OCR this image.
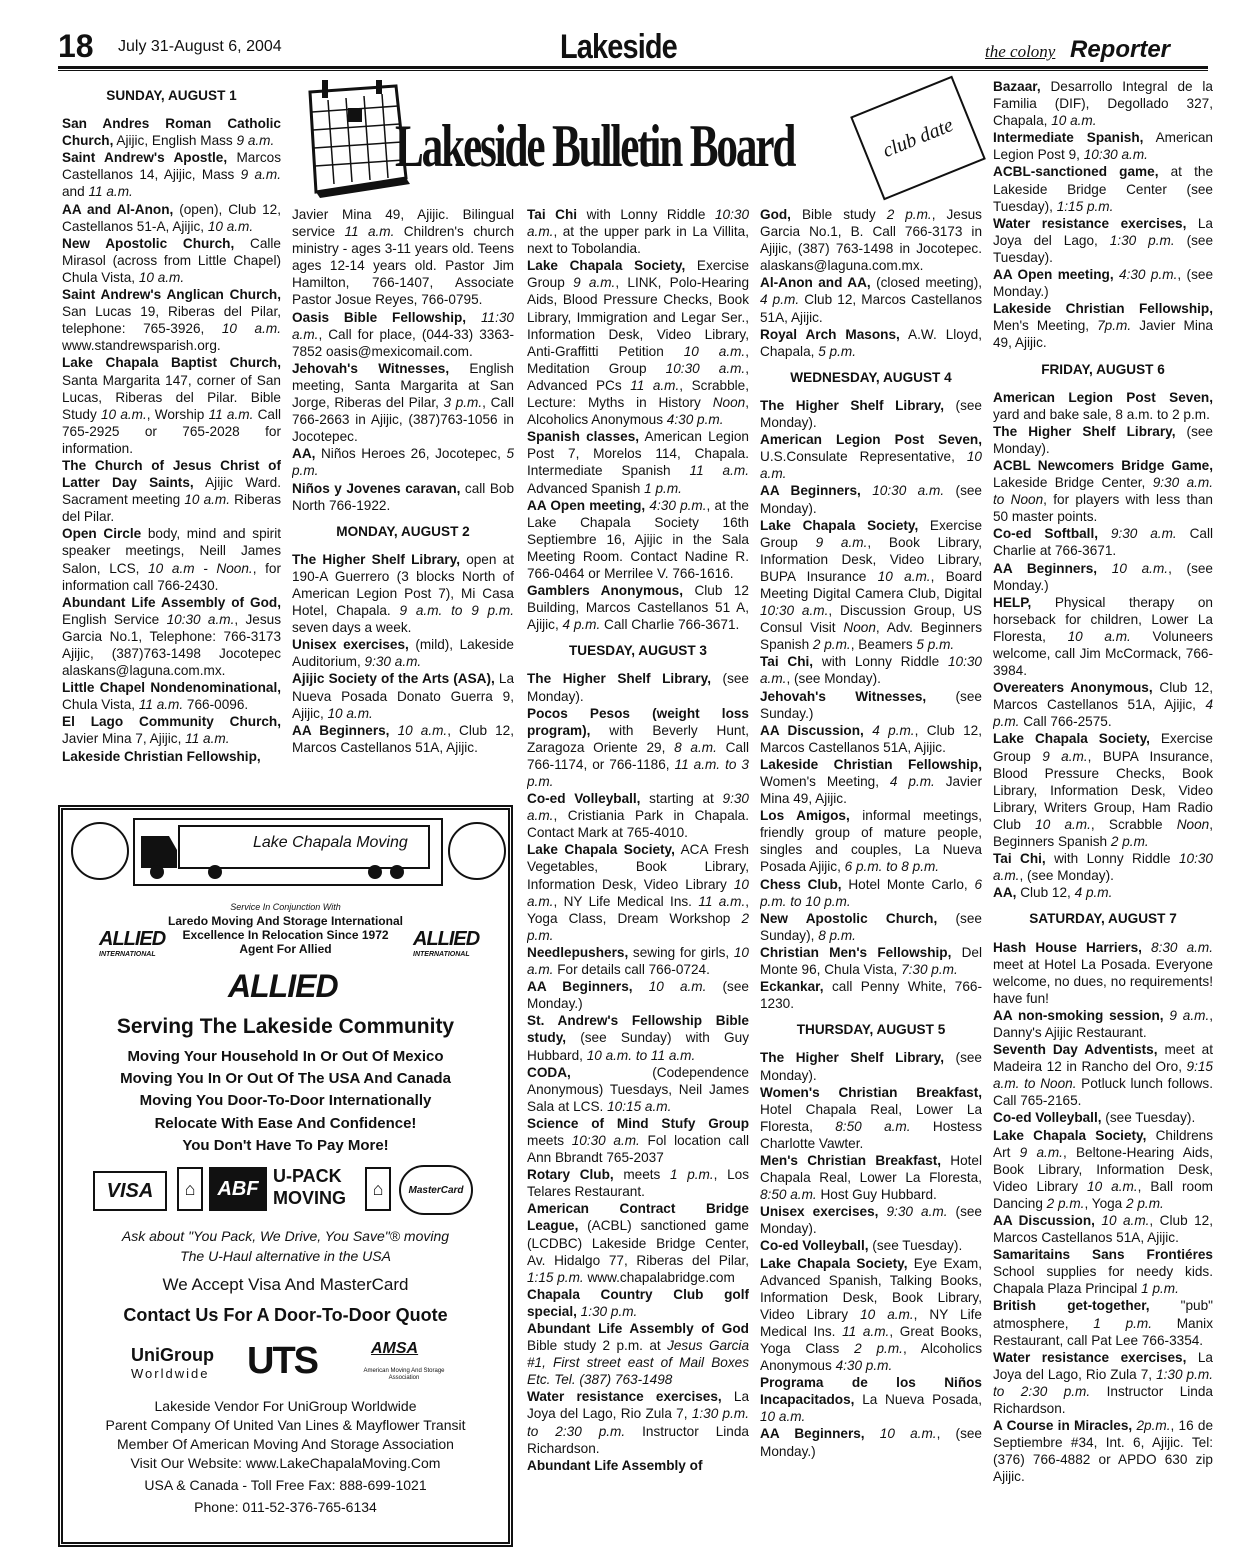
18 July 31-August 6, 2004	Lakeside	the colony Reporter
Lakeside Bulletin Board	club date
SUNDAY, AUGUST 1

San Andres Roman Catholic Church, Ajijic, English Mass 9 a.m.

Saint Andrew's Apostle, Marcos Castellanos 14, Ajijic, Mass 9 a.m. and 11 a.m.

AA and Al-Anon, (open), Club 12, Castellanos 51-A, Ajijic, 10 a.m.

New Apostolic Church, Calle Mirasol (across from Little Chapel) Chula Vista, 10 a.m.

Saint Andrew's Anglican Church, San Lucas 19, Riberas del Pilar, telephone: 765-3926, 10 a.m. www.standrewsparish.org.

Lake Chapala Baptist Church, Santa Margarita 147, corner of San Lucas, Riberas del Pilar. Bible Study 10 a.m., Worship 11 a.m. Call 765-2925 or 765-2028 for information.

The Church of Jesus Christ of Latter Day Saints, Ajijic Ward. Sacrament meeting 10 a.m. Riberas del Pilar.

Open Circle body, mind and spirit speaker meetings, Neill James Salon, LCS, 10 a.m - Noon., for information call 766-2430.

Abundant Life Assembly of God, English Service 10:30 a.m., Jesus Garcia No.1, Telephone: 766-3173 Ajijic, (387)763-1498 Jocotepec alaskans@laguna.com.mx.

Little Chapel Nondenominational, Chula Vista, 11 a.m. 766-0096.

El Lago Community Church, Javier Mina 7, Ajijic, 11 a.m.

Lakeside Christian Fellowship,

Javier Mina 49, Ajijic. Bilingual service 11 a.m. Children's church ministry - ages 3-11 years old. Teens ages 12-14 years old. Pastor Jim Hamilton, 766-1407, Associate Pastor Josue Reyes, 766-0795.

Oasis Bible Fellowship, 11:30 a.m., Call for place, (044-33) 3363-7852 oasis@mexicomail.com.

Jehovah's Witnesses, English meeting, Santa Margarita at San Jorge, Riberas del Pilar, 3 p.m., Call 766-2663 in Ajijic, (387)763-1056 in Jocotepec.

AA, Niños Heroes 26, Jocotepec, 5 p.m.

Niños y Jovenes caravan, call Bob North 766-1922.

MONDAY, AUGUST 2

The Higher Shelf Library, open at 190-A Guerrero (3 blocks North of American Legion Post 7), Mi Casa Hotel, Chapala. 9 a.m. to 9 p.m. seven days a week.

Unisex exercises, (mild), Lakeside Auditorium, 9:30 a.m.

Ajijic Society of the Arts (ASA), La Nueva Posada Donato Guerra 9, Ajijic, 10 a.m.

AA Beginners, 10 a.m., Club 12, Marcos Castellanos 51A, Ajijic.

Tai Chi with Lonny Riddle 10:30 a.m., at the upper park in La Villita, next to Tobolandia.

Lake Chapala Society, Exercise Group 9 a.m., LINK, Polo-Hearing Aids, Blood Pressure Checks, Book Library, Immigration and Legar Ser., Information Desk, Video Library, Anti-Graffitti Petition 10 a.m., Meditation Group 10:30 a.m., Advanced PCs 11 a.m., Scrabble, Lecture: Myths in History Noon, Alcoholics Anonymous 4:30 p.m.

Spanish classes, American Legion Post 7, Morelos 114, Chapala. Intermediate Spanish 11 a.m. Advanced Spanish 1 p.m.

AA Open meeting, 4:30 p.m., at the Lake Chapala Society 16th Septiembre 16, Ajijic in the Sala Meeting Room. Contact Nadine R. 766-0464 or Merrilee V. 766-1616.

Gamblers Anonymous, Club 12 Building, Marcos Castellanos 51 A, Ajijic, 4 p.m. Call Charlie 766-3671.

TUESDAY, AUGUST 3

The Higher Shelf Library, (see Monday).

Pocos Pesos (weight loss program), with Beverly Hunt, Zaragoza Oriente 29, 8 a.m. Call 766-1174, or 766-1186, 11 a.m. to 3 p.m.

Co-ed Volleyball, starting at 9:30 a.m., Cristiania Park in Chapala. Contact Mark at 765-4010.

Lake Chapala Society, ACA Fresh Vegetables, Book Library, Information Desk, Video Library 10 a.m., NY Life Medical Ins. 11 a.m., Yoga Class, Dream Workshop 2 p.m.

Needlepushers, sewing for girls, 10 a.m. For details call 766-0724.

AA Beginners, 10 a.m. (see Monday.)

St. Andrew's Fellowship Bible study, (see Sunday) with Guy Hubbard, 10 a.m. to 11 a.m.

CODA, (Codependence Anonymous) Tuesdays, Neil James Sala at LCS. 10:15 a.m.

Science of Mind Stufy Group meets 10:30 a.m. Fol location call Ann Bbrandt 765-2037

Rotary Club, meets 1 p.m., Los Telares Restaurant.

American Contract Bridge League, (ACBL) sanctioned game (LCDBC) Lakeside Bridge Center, Av. Hidalgo 77, Riberas del Pilar, 1:15 p.m. www.chapalabridge.com

Chapala Country Club golf special, 1:30 p.m.

Abundant Life Assembly of God Bible study 2 p.m. at Jesus Garcia #1, First street east of Mail Boxes Etc. Tel. (387) 763-1498

Water resistance exercises, La Joya del Lago, Rio Zula 7, 1:30 p.m. to 2:30 p.m. Instructor Linda Richardson.

Abundant Life Assembly of

God, Bible study 2 p.m., Jesus Garcia No.1, B. Call 766-3173 in Ajijic, (387) 763-1498 in Jocotepec. alaskans@laguna.com.mx.

Al-Anon and AA, (closed meeting), 4 p.m. Club 12, Marcos Castellanos 51A, Ajijic.

Royal Arch Masons, A.W. Lloyd, Chapala, 5 p.m.

WEDNESDAY, AUGUST 4

The Higher Shelf Library, (see Monday).

American Legion Post Seven, U.S.Consulate Representative, 10 a.m.

AA Beginners, 10:30 a.m. (see Monday).

Lake Chapala Society, Exercise Group 9 a.m., Book Library, Information Desk, Video Library, BUPA Insurance 10 a.m., Board Meeting Digital Camera Club, Digital 10:30 a.m., Discussion Group, US Consul Visit Noon, Adv. Beginners Spanish 2 p.m., Beamers 5 p.m.

Tai Chi, with Lonny Riddle 10:30 a.m., (see Monday).

Jehovah's Witnesses, (see Sunday.)

AA Discussion, 4 p.m., Club 12, Marcos Castellanos 51A, Ajijic.

Lakeside Christian Fellowship, Women's Meeting, 4 p.m. Javier Mina 49, Ajijic.

Los Amigos, informal meetings, friendly group of mature people, singles and couples, La Nueva Posada Ajijic, 6 p.m. to 8 p.m.

Chess Club, Hotel Monte Carlo, 6 p.m. to 10 p.m.

New Apostolic Church, (see Sunday), 8 p.m.

Christian Men's Fellowship, Del Monte 96, Chula Vista, 7:30 p.m.

Eckankar, call Penny White, 766-1230.

THURSDAY, AUGUST 5

The Higher Shelf Library, (see Monday).

Women's Christian Breakfast, Hotel Chapala Real, Lower La Floresta, 8:50 a.m. Hostess Charlotte Vawter.

Men's Christian Breakfast, Hotel Chapala Real, Lower La Floresta, 8:50 a.m. Host Guy Hubbard.

Unisex exercises, 9:30 a.m. (see Monday).

Co-ed Volleyball, (see Tuesday).

Lake Chapala Society, Eye Exam, Advanced Spanish, Talking Books, Information Desk, Book Library, Video Library 10 a.m., NY Life Medical Ins. 11 a.m., Great Books, Yoga Class 2 p.m., Alcoholics Anonymous 4:30 p.m.

Programa de los Niños Incapacitados, La Nueva Posada, 10 a.m.

AA Beginners, 10 a.m., (see Monday.)

Bazaar, Desarrollo Integral de la Familia (DIF), Degollado 327, Chapala, 10 a.m.

Intermediate Spanish, American Legion Post 9, 10:30 a.m.

ACBL-sanctioned game, at the Lakeside Bridge Center (see Tuesday), 1:15 p.m.

Water resistance exercises, La Joya del Lago, 1:30 p.m. (see Tuesday).

AA Open meeting, 4:30 p.m., (see Monday.)

Lakeside Christian Fellowship, Men's Meeting, 7p.m. Javier Mina 49, Ajijic.

FRIDAY, AUGUST 6

American Legion Post Seven, yard and bake sale, 8 a.m. to 2 p.m.

The Higher Shelf Library, (see Monday).

ACBL Newcomers Bridge Game, Lakeside Bridge Center, 9:30 a.m. to Noon, for players with less than 50 master points.

Co-ed Softball, 9:30 a.m. Call Charlie at 766-3671.

AA Beginners, 10 a.m., (see Monday.)

HELP, Physical therapy on horseback for children, Lower La Floresta, 10 a.m. Voluneers welcome, call Jim McCormack, 766-3984.

Overeaters Anonymous, Club 12, Marcos Castellanos 51A, Ajijic, 4 p.m. Call 766-2575.

Lake Chapala Society, Exercise Group 9 a.m., BUPA Insurance, Blood Pressure Checks, Book Library, Information Desk, Video Library, Writers Group, Ham Radio Club 10 a.m., Scrabble Noon, Beginners Spanish 2 p.m.

Tai Chi, with Lonny Riddle 10:30 a.m., (see Monday).

AA, Club 12, 4 p.m.

SATURDAY, AUGUST 7

Hash House Harriers, 8:30 a.m. meet at Hotel La Posada. Everyone welcome, no dues, no requirements! have fun!

AA non-smoking session, 9 a.m., Danny's Ajijic Restaurant.

Seventh Day Adventists, meet at Madeira 12 in Rancho del Oro, 9:15 a.m. to Noon. Potluck lunch follows. Call 765-2165.

Co-ed Volleyball, (see Tuesday).

Lake Chapala Society, Childrens Art 9 a.m., Beltone-Hearing Aids, Book Library, Information Desk, Video Library 10 a.m., Ball room Dancing 2 p.m., Yoga 2 p.m.

AA Discussion, 10 a.m., Club 12, Marcos Castellanos 51A, Ajijic.

Samaritains Sans Frontiéres School supplies for needy kids. Chapala Plaza Principal 1 p.m.

British get-together, "pub" atmosphere, 1 p.m. Manix Restaurant, call Pat Lee 766-3354.

Water resistance exercises, La Joya del Lago, Rio Zula 7, 1:30 p.m. to 2:30 p.m. Instructor Linda Richardson.

A Course in Miracles, 2p.m., 16 de Septiembre #34, Int. 6, Ajijic. Tel: (376) 766-4882 or APDO 630 zip Ajijic.

Lake Chapala Moving
Service In Conjunction With
Laredo Moving And Storage International
Excellence In Relocation Since 1972
Agent For Allied
ALLIED
INTERNATIONAL
ALLIED
INTERNATIONAL
ALLIED
Serving The Lakeside Community
Moving Your Household In Or Out Of Mexico
Moving You In Or Out Of The USA And Canada
Moving You Door-To-Door Internationally
Relocate With Ease And Confidence!
You Don't Have To Pay More!
VISA	⌂	ABF
U-PACK
MOVING	⌂	MasterCard
Ask about "You Pack, We Drive, You Save"® moving
The U-Haul alternative in the USA
We Accept Visa And MasterCard
Contact Us For A Door-To-Door Quote
UniGroup
Worldwide UTS	AMSA
American Moving And Storage Association
Lakeside Vendor For UniGroup Worldwide
Parent Company Of United Van Lines & Mayflower Transit
Member Of American Moving And Storage Association
Visit Our Website: www.LakeChapalaMoving.Com
USA & Canada - Toll Free Fax: 888-699-1021
Phone: 011-52-376-765-6134
